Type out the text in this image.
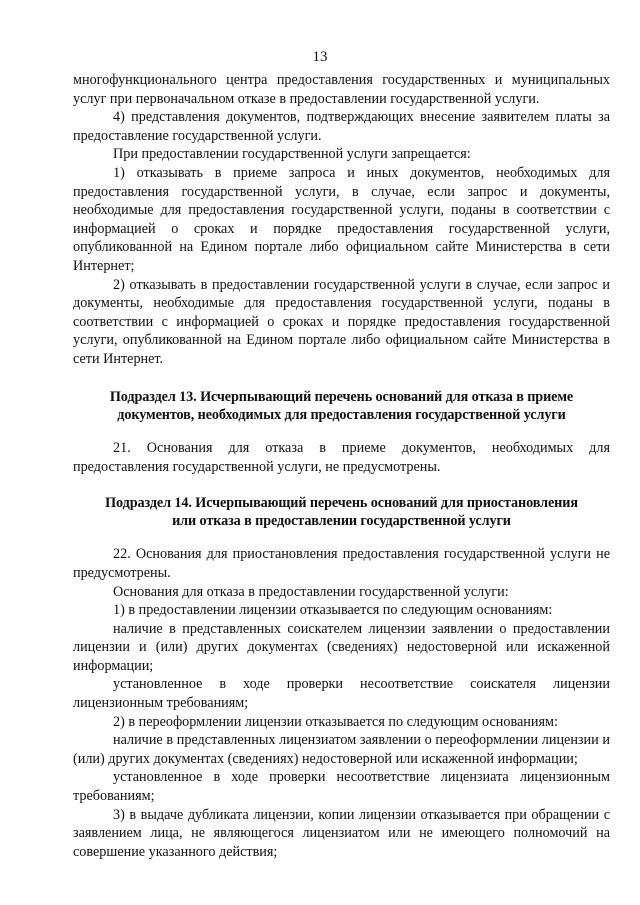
13

многофункционального центра предоставления государственных и муниципальных услуг при первоначальном отказе в предоставлении государственной услуги.

4) представления документов, подтверждающих внесение заявителем платы за предоставление государственной услуги.

При предоставлении государственной услуги запрещается:

1) отказывать в приеме запроса и иных документов, необходимых для предоставления государственной услуги, в случае, если запрос и документы, необходимые для предоставления государственной услуги, поданы в соответствии с информацией о сроках и порядке предоставления государственной услуги, опубликованной на Едином портале либо официальном сайте Министерства в сети Интернет;

2) отказывать в предоставлении государственной услуги в случае, если запрос и документы, необходимые для предоставления государственной услуги, поданы в соответствии с информацией о сроках и порядке предоставления государственной услуги, опубликованной на Едином портале либо официальном сайте Министерства в сети Интернет.

Подраздел 13. Исчерпывающий перечень оснований для отказа в приеме

документов, необходимых для предоставления государственной услуги

21. Основания для отказа в приеме документов, необходимых для предоставления государственной услуги, не предусмотрены.

Подраздел 14. Исчерпывающий перечень оснований для приостановления

или отказа в предоставлении государственной услуги

22. Основания для приостановления предоставления государственной услуги не предусмотрены.

Основания для отказа в предоставлении государственной услуги:

1) в предоставлении лицензии отказывается по следующим основаниям:

наличие в представленных соискателем лицензии заявлении о предоставлении лицензии и (или) других документах (сведениях) недостоверной или искаженной информации;

установленное в ходе проверки несоответствие соискателя лицензии лицензионным требованиям;

2) в переоформлении лицензии отказывается по следующим основаниям:

наличие в представленных лицензиатом заявлении о переоформлении лицензии и (или) других документах (сведениях) недостоверной или искаженной информации;

установленное в ходе проверки несоответствие лицензиата лицензионным требованиям;

3) в выдаче дубликата лицензии, копии лицензии отказывается при обращении с заявлением лица, не являющегося лицензиатом или не имеющего полномочий на совершение указанного действия;
